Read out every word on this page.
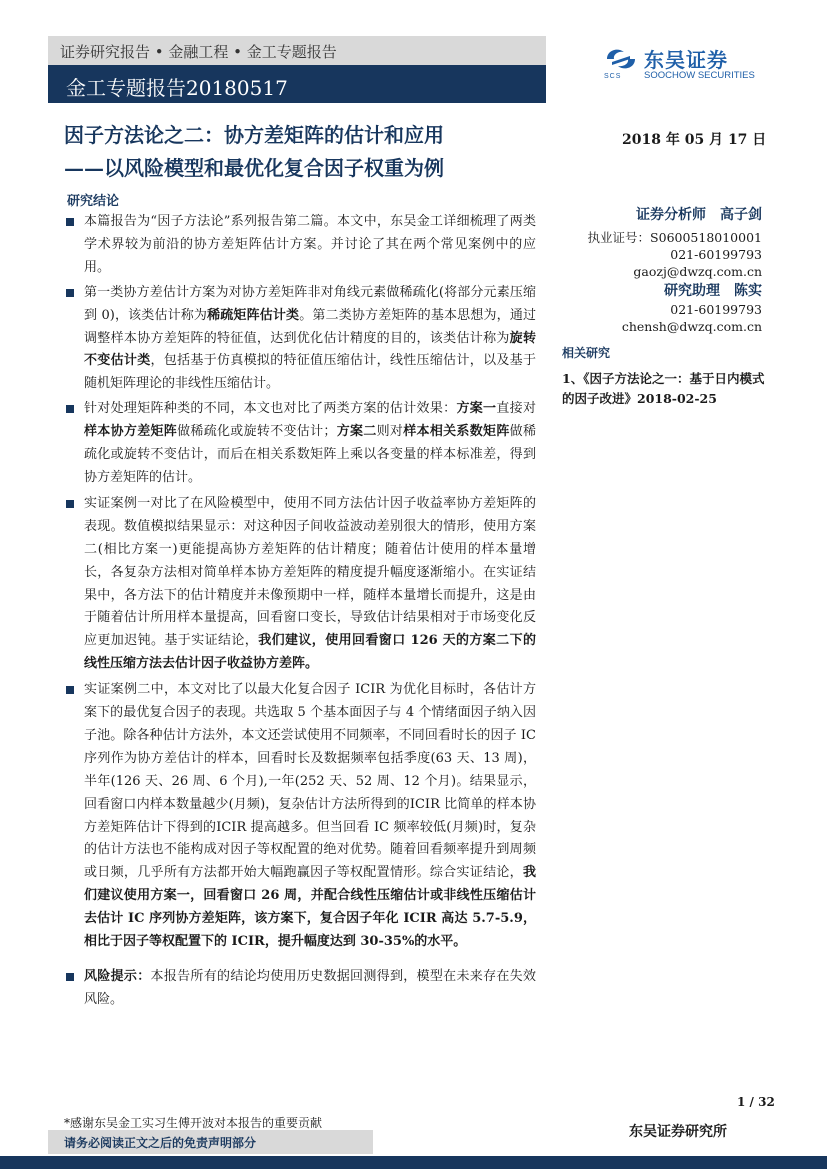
证券研究报告 • 金融工程 • 金工专题报告
金工专题报告20180517
东吴证券
SCS SOOCHOW SECURITIES
因子方法论之二：协方差矩阵的估计和应用
——以风险模型和最优化复合因子权重为例
2018 年 05 月 17 日
研究结论
本篇报告为“因子方法论”系列报告第二篇。本文中，东吴金工详细梳理了两类学术界较为前沿的协方差矩阵估计方案。并讨论了其在两个常见案例中的应用。
第一类协方差估计方案为对协方差矩阵非对角线元素做稀疏化(将部分元素压缩到 0)，该类估计称为稀疏矩阵估计类。第二类协方差矩阵的基本思想为，通过调整样本协方差矩阵的特征值，达到优化估计精度的目的，该类估计称为旋转不变估计类，包括基于仿真模拟的特征值压缩估计，线性压缩估计，以及基于随机矩阵理论的非线性压缩估计。
针对处理矩阵种类的不同，本文也对比了两类方案的估计效果：方案一直接对样本协方差矩阵做稀疏化或旋转不变估计；方案二则对样本相关系数矩阵做稀疏化或旋转不变估计，而后在相关系数矩阵上乘以各变量的样本标准差，得到协方差矩阵的估计。
实证案例一对比了在风险模型中，使用不同方法估计因子收益率协方差矩阵的表现。数值模拟结果显示：对这种因子间收益波动差别很大的情形，使用方案二(相比方案一)更能提高协方差矩阵的估计精度；随着估计使用的样本量增长，各复杂方法相对简单样本协方差矩阵的精度提升幅度逐渐缩小。在实证结果中，各方法下的估计精度并未像预期中一样，随样本量增长而提升，这是由于随着估计所用样本量提高，回看窗口变长，导致估计结果相对于市场变化反应更加迟钝。基于实证结论，我们建议，使用回看窗口 126 天的方案二下的线性压缩方法去估计因子收益协方差阵。
实证案例二中，本文对比了以最大化复合因子 ICIR 为优化目标时，各估计方案下的最优复合因子的表现。共选取 5 个基本面因子与 4 个情绪面因子纳入因子池。除各种估计方法外，本文还尝试使用不同频率，不同回看时长的因子 IC 序列作为协方差估计的样本，回看时长及数据频率包括季度(63 天、13 周)，半年(126 天、26 周、6 个月),一年(252 天、52 周、12 个月)。结果显示，回看窗口内样本数量越少(月频)，复杂估计方法所得到的ICIR 比简单的样本协方差矩阵估计下得到的ICIR 提高越多。但当回看 IC 频率较低(月频)时，复杂的估计方法也不能构成对因子等权配置的绝对优势。随着回看频率提升到周频或日频，几乎所有方法都开始大幅跑赢因子等权配置情形。综合实证结论，我们建议使用方案一，回看窗口 26 周，并配合线性压缩估计或非线性压缩估计去估计 IC 序列协方差矩阵，该方案下，复合因子年化 ICIR 高达 5.7-5.9，相比于因子等权配置下的 ICIR，提升幅度达到 30-35%的水平。
风险提示：本报告所有的结论均使用历史数据回测得到，模型在未来存在失效风险。
证券分析师　高子剑
执业证号：S0600518010001
021-60199793
gaozj@dwzq.com.cn
研究助理　陈实
021-60199793
chensh@dwzq.com.cn
相关研究
1、《因子方法论之一：基于日内模式的因子改进》2018-02-25
1 / 32
*感谢东吴金工实习生傅开波对本报告的重要贡献
请务必阅读正文之后的免责声明部分
东吴证券研究所
